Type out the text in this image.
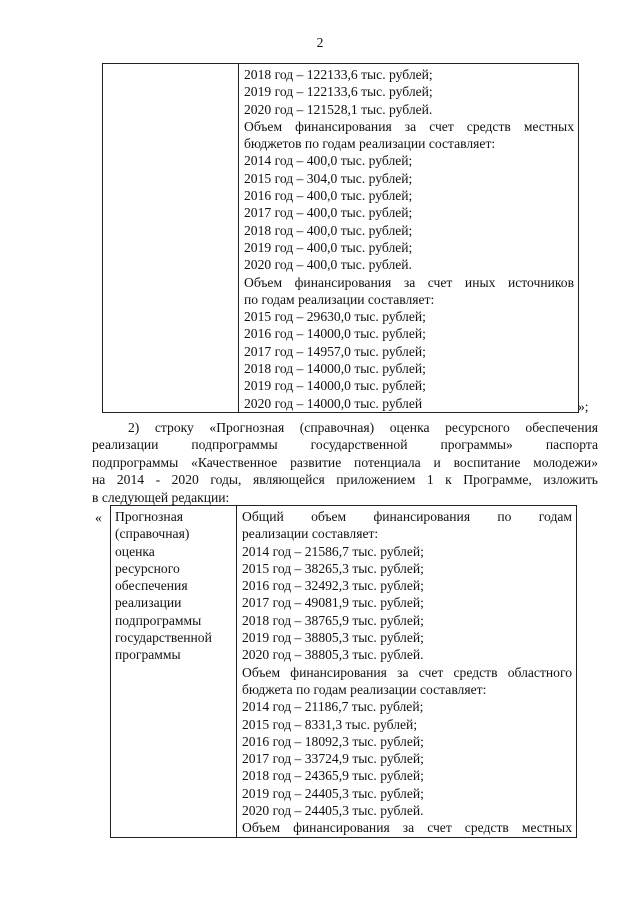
2

2018 год – 122133,6 тыс. рублей;
2019 год – 122133,6 тыс. рублей;
2020 год – 121528,1 тыс. рублей.
Объем финансирования за счет средств местных
бюджетов по годам реализации составляет:
2014 год – 400,0 тыс. рублей;
2015 год – 304,0 тыс. рублей;
2016 год – 400,0 тыс. рублей;
2017 год – 400,0 тыс. рублей;
2018 год – 400,0 тыс. рублей;
2019 год – 400,0 тыс. рублей;
2020 год – 400,0 тыс. рублей.
Объем финансирования за счет иных источников
по годам реализации составляет:
2015 год – 29630,0 тыс. рублей;
2016 год – 14000,0 тыс. рублей;
2017 год – 14957,0 тыс. рублей;
2018 год – 14000,0 тыс. рублей;
2019 год – 14000,0 тыс. рублей;
2020 год – 14000,0 тыс. рублей	»;
2) строку «Прогнозная (справочная) оценка ресурсного обеспечения
реализации подпрограммы государственной программы» паспорта
подпрограммы «Качественное развитие потенциала и воспитание молодежи»
на 2014 - 2020 годы, являющейся приложением 1 к Программе, изложить
в следующей редакции:
« Прогнозная
(справочная)
оценка
ресурсного
обеспечения
реализации
подпрограммы
государственной
программы

Общий объем финансирования по годам
реализации составляет:
2014 год – 21586,7 тыс. рублей;
2015 год – 38265,3 тыс. рублей;
2016 год – 32492,3 тыс. рублей;
2017 год – 49081,9 тыс. рублей;
2018 год – 38765,9 тыс. рублей;
2019 год – 38805,3 тыс. рублей;
2020 год – 38805,3 тыс. рублей.
Объем финансирования за счет средств областного
бюджета по годам реализации составляет:
2014 год – 21186,7 тыс. рублей;
2015 год – 8331,3 тыс. рублей;
2016 год – 18092,3 тыс. рублей;
2017 год – 33724,9 тыс. рублей;
2018 год – 24365,9 тыс. рублей;
2019 год – 24405,3 тыс. рублей;
2020 год – 24405,3 тыс. рублей.
Объем финансирования за счет средств местных
